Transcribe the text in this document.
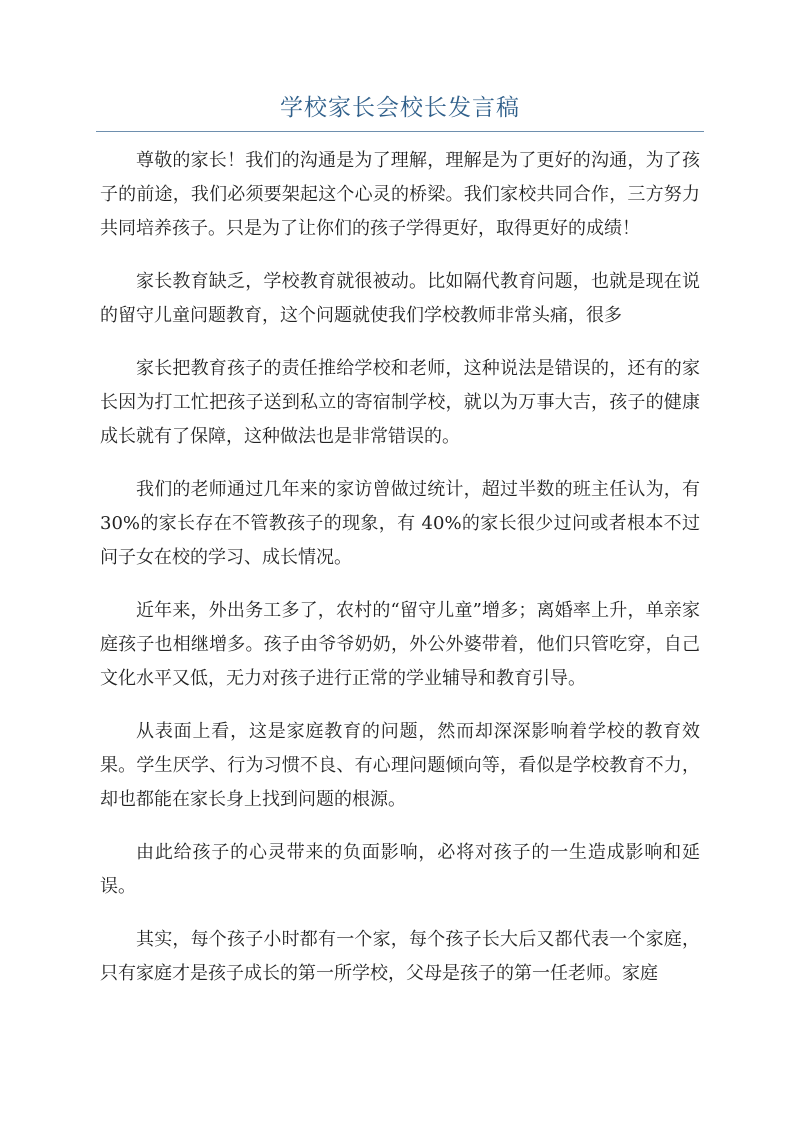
学校家长会校长发言稿

尊敬的家长！我们的沟通是为了理解，理解是为了更好的沟通，为了孩子的前途，我们必须要架起这个心灵的桥梁。我们家校共同合作，三方努力共同培养孩子。只是为了让你们的孩子学得更好，取得更好的成绩！

家长教育缺乏，学校教育就很被动。比如隔代教育问题，也就是现在说的留守儿童问题教育，这个问题就使我们学校教师非常头痛，很多

家长把教育孩子的责任推给学校和老师，这种说法是错误的，还有的家长因为打工忙把孩子送到私立的寄宿制学校，就以为万事大吉，孩子的健康成长就有了保障，这种做法也是非常错误的。

我们的老师通过几年来的家访曾做过统计，超过半数的班主任认为，有 30%的家长存在不管教孩子的现象，有 40%的家长很少过问或者根本不过问子女在校的学习、成长情况。

近年来，外出务工多了，农村的“留守儿童”增多；离婚率上升，单亲家庭孩子也相继增多。孩子由爷爷奶奶，外公外婆带着，他们只管吃穿，自己文化水平又低，无力对孩子进行正常的学业辅导和教育引导。

从表面上看，这是家庭教育的问题，然而却深深影响着学校的教育效果。学生厌学、行为习惯不良、有心理问题倾向等，看似是学校教育不力，却也都能在家长身上找到问题的根源。

由此给孩子的心灵带来的负面影响，必将对孩子的一生造成影响和延误。

其实，每个孩子小时都有一个家，每个孩子长大后又都代表一个家庭，只有家庭才是孩子成长的第一所学校，父母是孩子的第一任老师。家庭
